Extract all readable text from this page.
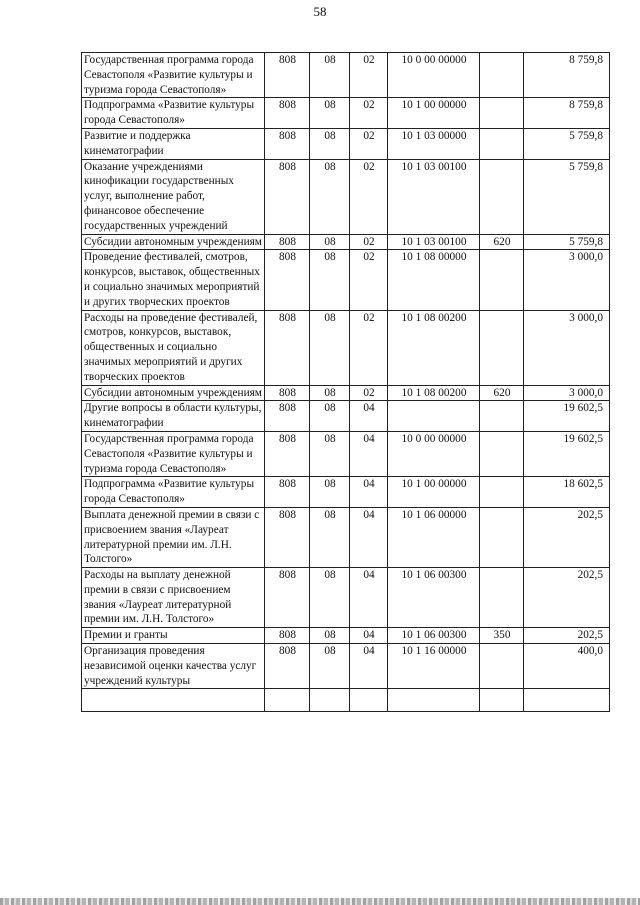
58
Государственная программа города Севастополя «Развитие культуры и туризма города Севастополя»	808	08	02	10 0 00 00000		8 759,8
Подпрограмма «Развитие культуры города Севастополя»	808	08	02	10 1 00 00000		8 759,8
Развитие и поддержка кинематографии	808	08	02	10 1 03 00000		5 759,8
Оказание учреждениями кинофикации государственных услуг, выполнение работ, финансовое обеспечение государственных учреждений	808	08	02	10 1 03 00100		5 759,8
Субсидии автономным учреждениям	808	08	02	10 1 03 00100	620	5 759,8
Проведение фестивалей, смотров, конкурсов, выставок, общественных и социально значимых мероприятий и других творческих проектов	808	08	02	10 1 08 00000		3 000,0
Расходы на проведение фестивалей, смотров, конкурсов, выставок, общественных и социально значимых мероприятий и других творческих проектов	808	08	02	10 1 08 00200		3 000,0
Субсидии автономным учреждениям	808	08	02	10 1 08 00200	620	3 000,0
Другие вопросы в области культуры, кинематографии	808	08	04			19 602,5
Государственная программа города Севастополя «Развитие культуры и туризма города Севастополя»	808	08	04	10 0 00 00000		19 602,5
Подпрограмма «Развитие культуры города Севастополя»	808	08	04	10 1 00 00000		18 602,5
Выплата денежной премии в связи с присвоением звания «Лауреат литературной премии им. Л.Н. Толстого»	808	08	04	10 1 06 00000		202,5
Расходы на выплату денежной премии в связи с присвоением звания «Лауреат литературной премии им. Л.Н. Толстого»	808	08	04	10 1 06 00300		202,5
Премии и гранты	808	08	04	10 1 06 00300	350	202,5
Организация проведения независимой оценки качества услуг учреждений культуры	808	08	04	10 1 16 00000		400,0
